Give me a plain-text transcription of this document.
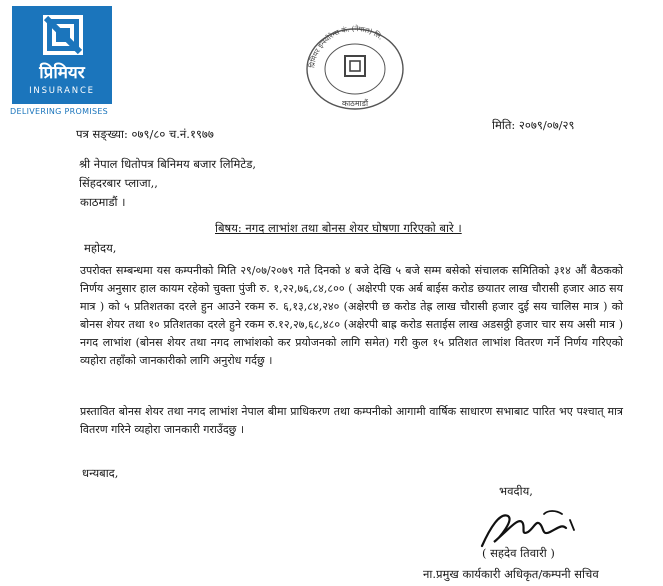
प्रिमियर
INSURANCE
DELIVERING PROMISES
प्रिमियर इन्स्योरेन्स कं. (नेपाल) लि.
काठमाडौं
पत्र सङ्ख्या: ०७९/८० च.नं.१९७७
मिति: २०७९/०७/२९
श्री नेपाल धितोपत्र बिनिमय बजार लिमिटेड,
सिंहदरबार प्लाजा,,
काठमाडौं ।
बिषय: नगद लाभांश तथा बोनस शेयर घोषणा गरिएको बारे ।
महोदय,

उपरोक्त सम्बन्धमा यस कम्पनीको मिति २९/०७/२०७९ गते दिनको ४ बजे देखि ५ बजे सम्म बसेको संचालक समितिको ३१४ औं बैठकको निर्णय अनुसार हाल कायम रहेको चुक्ता पुंजी रु. १,२२,७६,८४,८०० ( अक्षेरपी एक अर्ब बाईस करोड छयातर लाख चौरासी हजार आठ सय मात्र ) को ५ प्रतिशतका दरले हुन आउने रकम रु. ६,१३,८४,२४० (अक्षेरपी छ करोड तेह्र लाख चौरासी हजार दुई सय चालिस मात्र ) को बोनस शेयर तथा १० प्रतिशतका दरले हुने रकम रु.१२,२७,६८,४८० (अक्षेरपी बाह्र करोड सताईस लाख अडसठ्ठी हजार चार सय असी मात्र ) नगद लाभांश (बोनस शेयर तथा नगद लाभांशको कर प्रयोजनको लागि समेत) गरी कुल १५ प्रतिशत लाभांश वितरण गर्ने निर्णय गरिएको व्यहोरा तहाँको जानकारीको लागि अनुरोध गर्दछु ।

प्रस्तावित बोनस शेयर तथा नगद लाभांश नेपाल बीमा प्राधिकरण तथा कम्पनीको आगामी वार्षिक साधारण सभाबाट पारित भए पश्चात् मात्र वितरण गरिने व्यहोरा जानकारी गराउँदछु ।

धन्यबाद,
भवदीय,
( सहदेव तिवारी )
ना.प्रमुख कार्यकारी अधिकृत/कम्पनी सचिव
